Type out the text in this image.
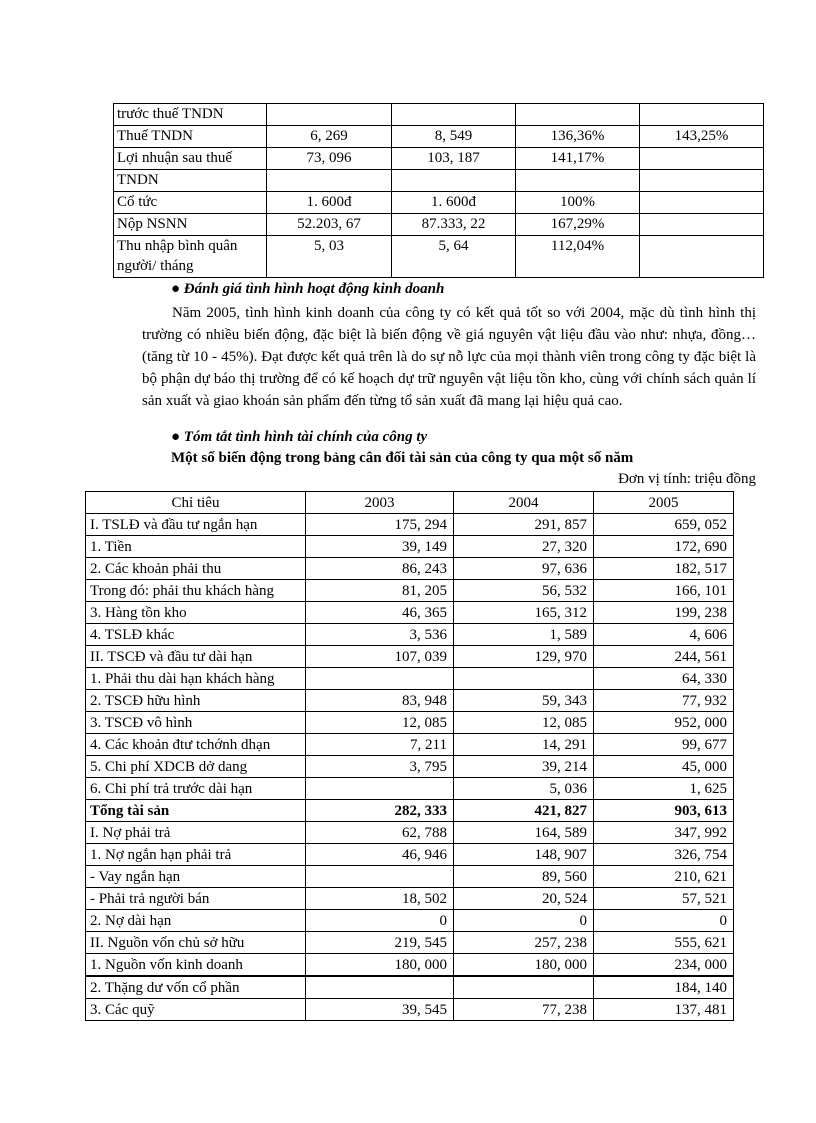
trước thuế TNDN				
Thuế TNDN	6, 269	8, 549	136,36%	143,25%
Lợi nhuận sau thuế	73, 096	103, 187	141,17%	
TNDN				
Cổ tức	1. 600đ	1. 600đ	100%	
Nộp NSNN	52.203, 67	87.333, 22	167,29%	
Thu nhập bình quân người/ tháng	5, 03	5, 64	112,04%	
● Đánh giá tình hình hoạt động kinh doanh

Năm 2005, tình hình kinh doanh của công ty có kết quả tốt so với 2004, mặc dù tình hình thị trường có nhiều biến động, đặc biệt là biến động về giá nguyên vật liệu đầu vào như: nhựa, đồng… (tăng từ 10 - 45%). Đạt được kết quả trên là do sự nỗ lực của mọi thành viên trong công ty đặc biệt là bộ phận dự báo thị trường để có kế hoạch dự trữ nguyên vật liệu tồn kho, cùng với chính sách quản lí sản xuất và giao khoán sản phẩm đến từng tổ sản xuất đã mang lại hiệu quả cao.

● Tóm tắt tình hình tài chính của công ty
Một số biến động trong bảng cân đối tài sản của công ty qua một số năm
Đơn vị tính: triệu đồng
Chỉ tiêu	2003	2004	2005
I. TSLĐ và đầu tư ngắn hạn	175, 294	291, 857	659, 052
1. Tiền	39, 149	27, 320	172, 690
2. Các khoản phải thu	86, 243	97, 636	182, 517
Trong đó: phải thu khách hàng	81, 205	56, 532	166, 101
3. Hàng tồn kho	46, 365	165, 312	199, 238
4. TSLĐ khác	3, 536	1, 589	4, 606
II. TSCĐ và đầu tư dài hạn	107, 039	129, 970	244, 561
1. Phải thu dài hạn khách hàng			64, 330
2. TSCĐ hữu hình	83, 948	59, 343	77, 932
3. TSCĐ vô hình	12, 085	12, 085	952, 000
4. Các khoản đtư tchớnh dhạn	7, 211	14, 291	99, 677
5. Chi phí XDCB dở dang	3, 795	39, 214	45, 000
6. Chi phí trả trước dài hạn		5, 036	1, 625
Tổng tài sản	282, 333	421, 827	903, 613
I. Nợ phải trả	62, 788	164, 589	347, 992
1. Nợ ngắn hạn phải trả	46, 946	148, 907	326, 754
- Vay ngắn hạn		89, 560	210, 621
- Phải trả người bán	18, 502	20, 524	57, 521
2. Nợ dài hạn	0	0	0
II. Nguồn vốn chủ sở hữu	219, 545	257, 238	555, 621
1. Nguồn vốn kinh doanh	180, 000	180, 000	234, 000
2. Thặng dư vốn cổ phần			184, 140
3. Các quỹ	39, 545	77, 238	137, 481
